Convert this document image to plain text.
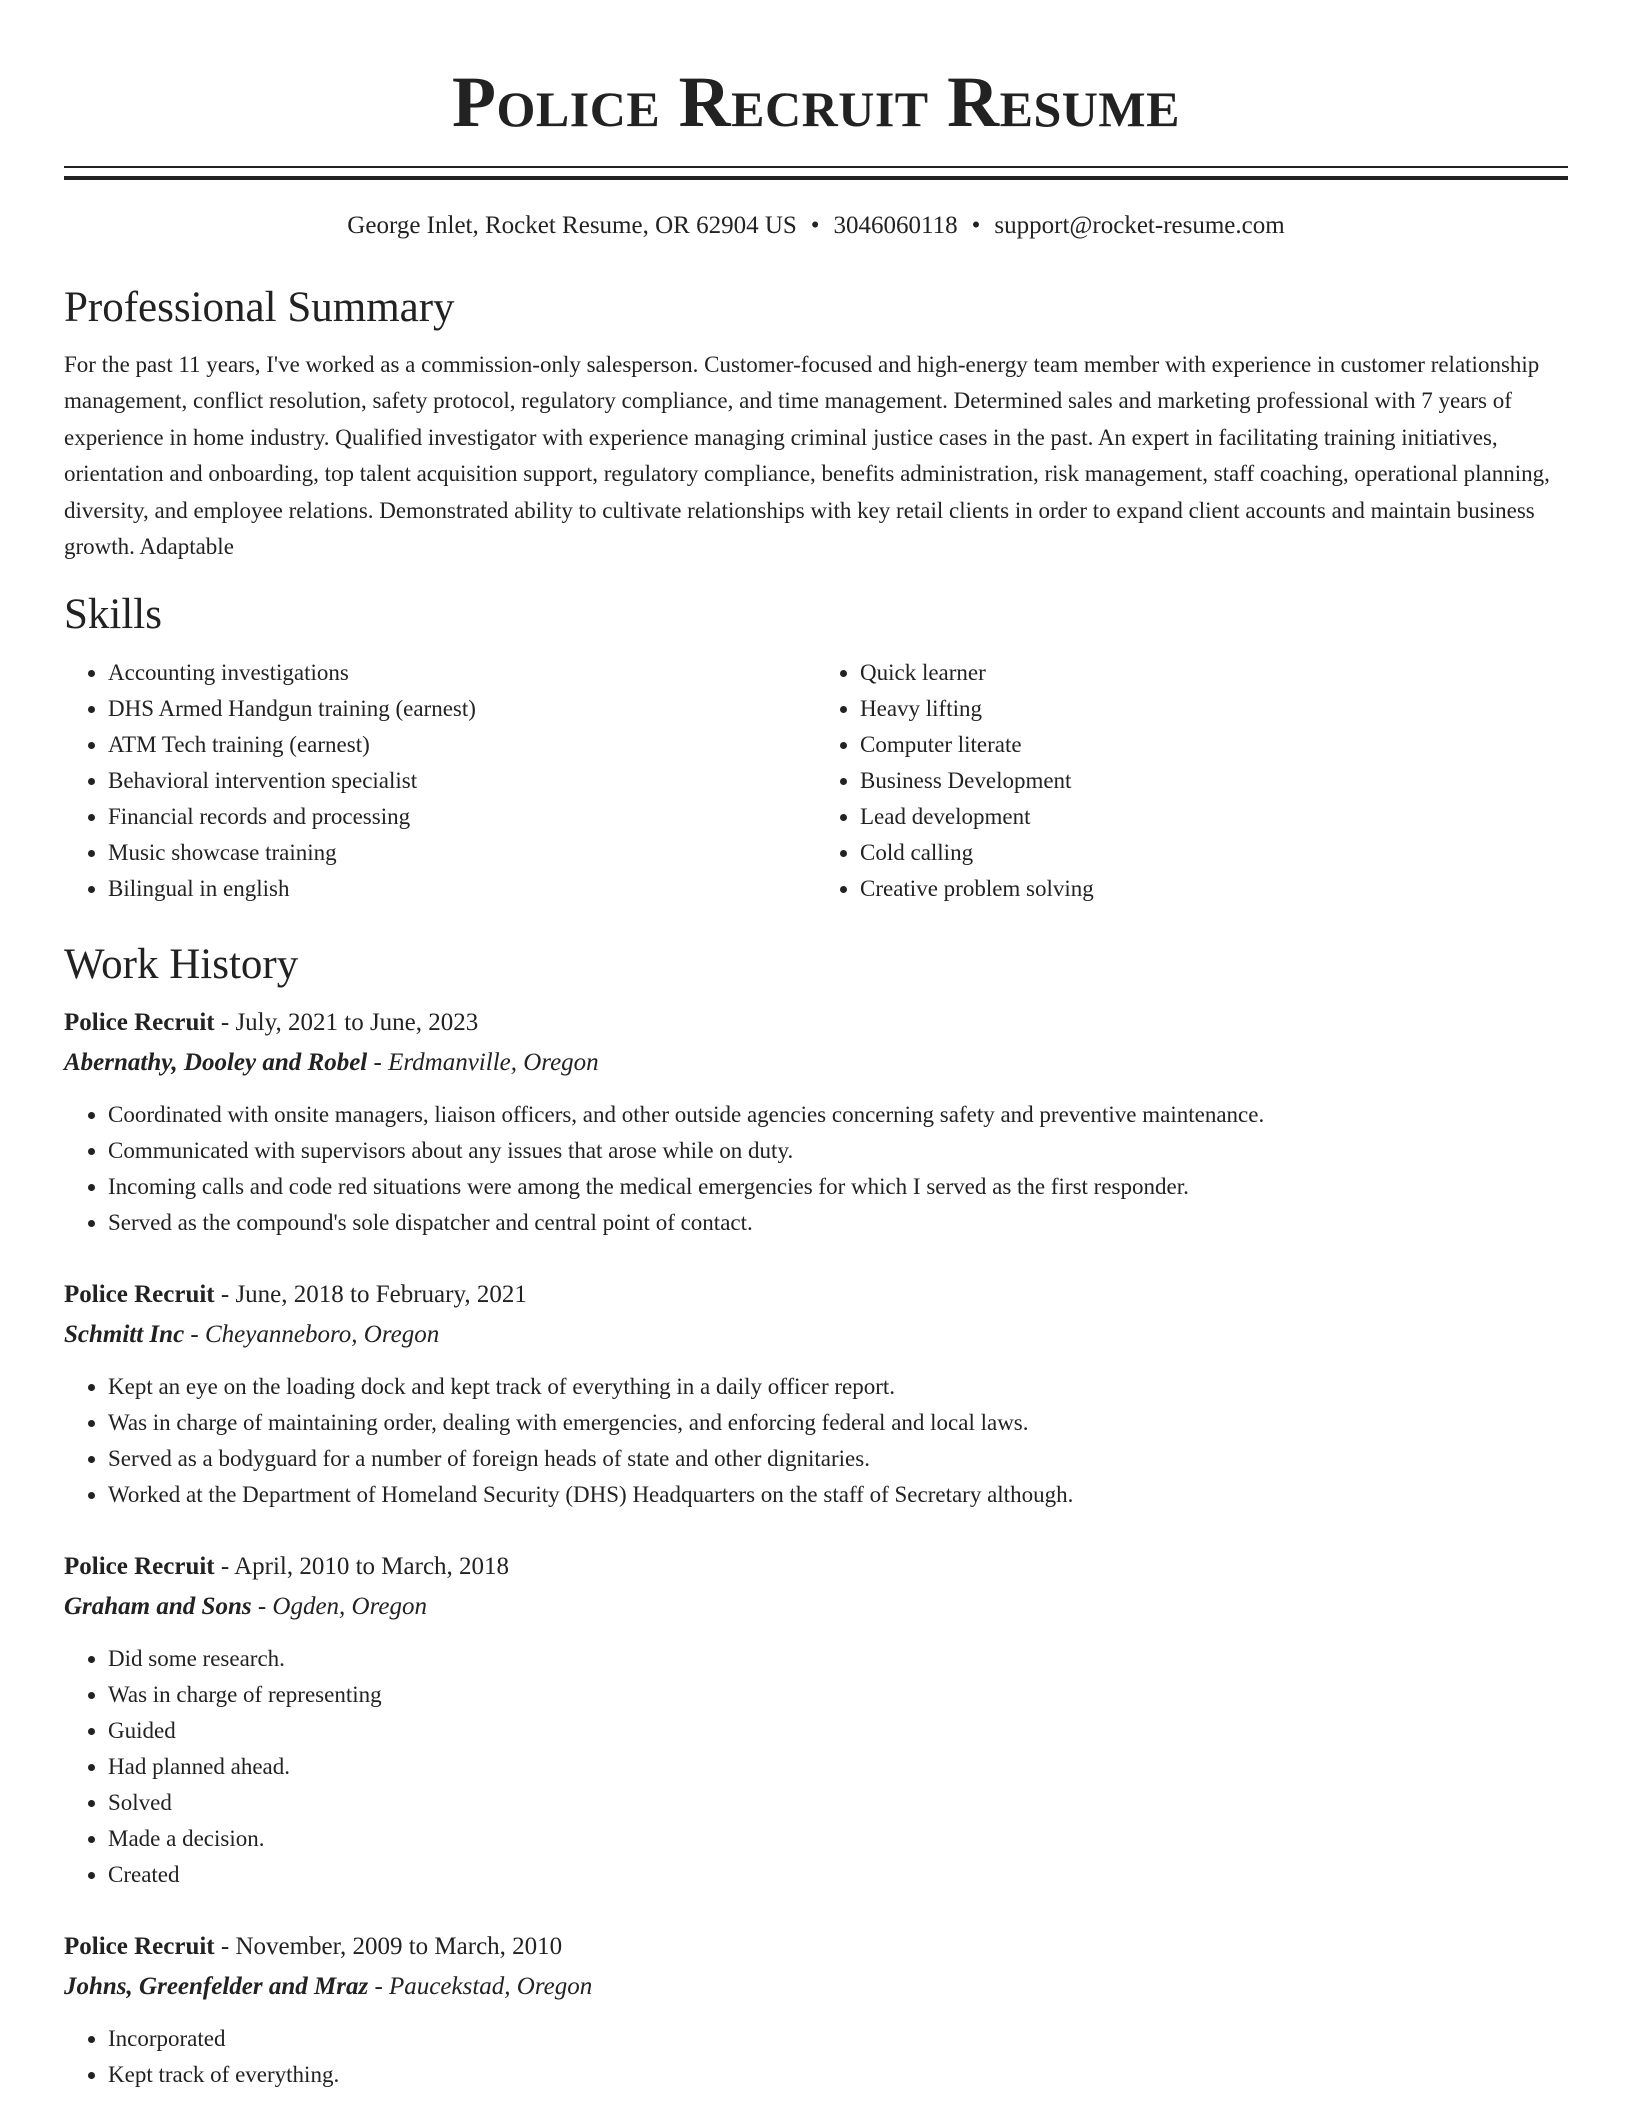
Police Recruit Resume
George Inlet, Rocket Resume, OR 62904 US • 3046060118 • support@rocket-resume.com
Professional Summary

For the past 11 years, I've worked as a commission-only salesperson. Customer-focused and high-energy team member with experience in customer relationship management, conflict resolution, safety protocol, regulatory compliance, and time management. Determined sales and marketing professional with 7 years of experience in home industry. Qualified investigator with experience managing criminal justice cases in the past. An expert in facilitating training initiatives, orientation and onboarding, top talent acquisition support, regulatory compliance, benefits administration, risk management, staff coaching, operational planning, diversity, and employee relations. Demonstrated ability to cultivate relationships with key retail clients in order to expand client accounts and maintain business growth. Adaptable

Skills
• Accounting investigations
• DHS Armed Handgun training (earnest)
• ATM Tech training (earnest)
• Behavioral intervention specialist
• Financial records and processing
• Music showcase training
• Bilingual in english
• Quick learner
• Heavy lifting
• Computer literate
• Business Development
• Lead development
• Cold calling
• Creative problem solving
Work History
Police Recruit - July, 2021 to June, 2023
Abernathy, Dooley and Robel - Erdmanville, Oregon
• Coordinated with onsite managers, liaison officers, and other outside agencies concerning safety and preventive maintenance.
• Communicated with supervisors about any issues that arose while on duty.
• Incoming calls and code red situations were among the medical emergencies for which I served as the first responder.
• Served as the compound's sole dispatcher and central point of contact.
Police Recruit - June, 2018 to February, 2021
Schmitt Inc - Cheyanneboro, Oregon
• Kept an eye on the loading dock and kept track of everything in a daily officer report.
• Was in charge of maintaining order, dealing with emergencies, and enforcing federal and local laws.
• Served as a bodyguard for a number of foreign heads of state and other dignitaries.
• Worked at the Department of Homeland Security (DHS) Headquarters on the staff of Secretary although.
Police Recruit - April, 2010 to March, 2018
Graham and Sons - Ogden, Oregon
• Did some research.
• Was in charge of representing
• Guided
• Had planned ahead.
• Solved
• Made a decision.
• Created
Police Recruit - November, 2009 to March, 2010
Johns, Greenfelder and Mraz - Paucekstad, Oregon
• Incorporated
• Kept track of everything.
